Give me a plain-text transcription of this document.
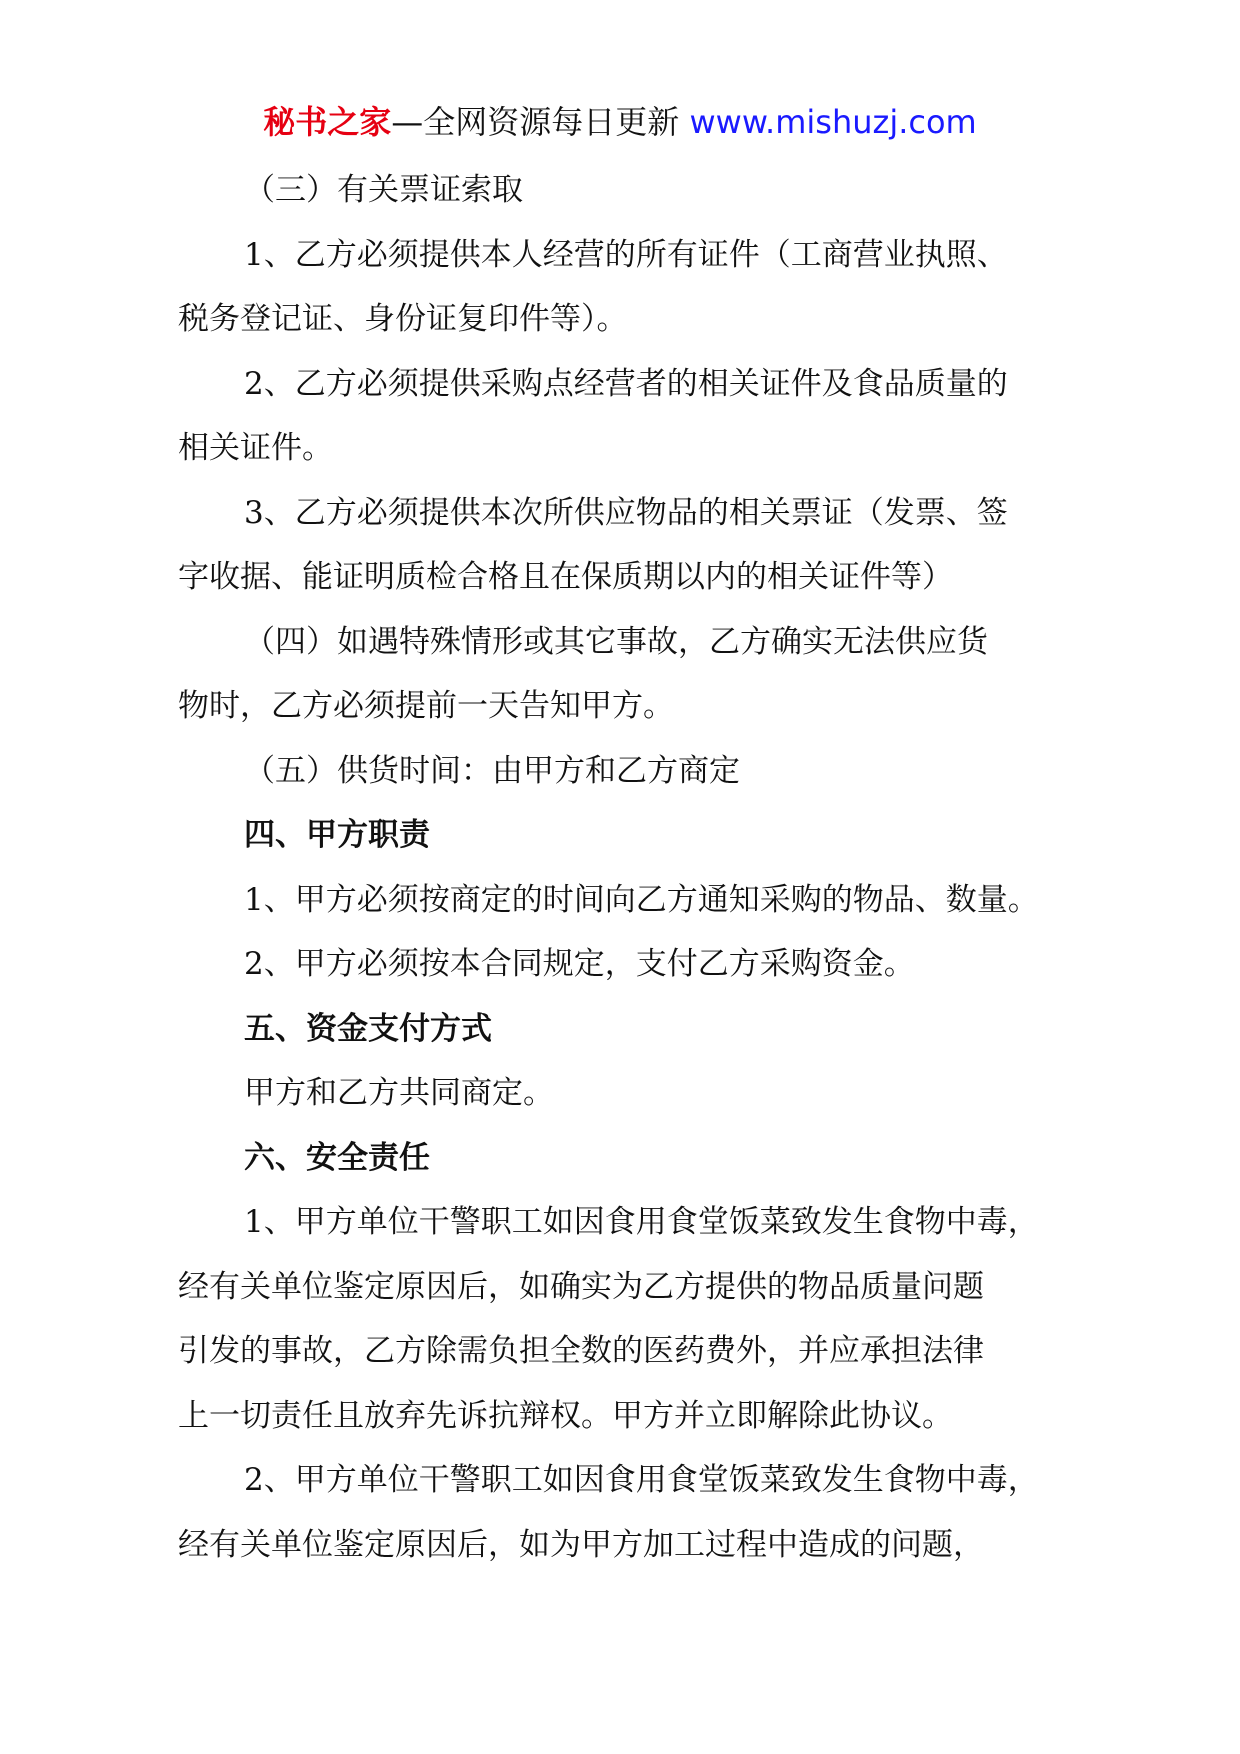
秘书之家—全网资源每日更新 www.mishuzj.com
（三）有关票证索取
1、乙方必须提供本人经营的所有证件（工商营业执照、
税务登记证、身份证复印件等）。
2、乙方必须提供采购点经营者的相关证件及食品质量的
相关证件。
3、乙方必须提供本次所供应物品的相关票证（发票、签
字收据、能证明质检合格且在保质期以内的相关证件等）
（四）如遇特殊情形或其它事故，乙方确实无法供应货
物时，乙方必须提前一天告知甲方。
（五）供货时间：由甲方和乙方商定
四、甲方职责
1、甲方必须按商定的时间向乙方通知采购的物品、数量。
2、甲方必须按本合同规定，支付乙方采购资金。
五、资金支付方式
甲方和乙方共同商定。
六、安全责任
1、甲方单位干警职工如因食用食堂饭菜致发生食物中毒，
经有关单位鉴定原因后，如确实为乙方提供的物品质量问题
引发的事故，乙方除需负担全数的医药费外，并应承担法律
上一切责任且放弃先诉抗辩权。甲方并立即解除此协议。
2、甲方单位干警职工如因食用食堂饭菜致发生食物中毒，
经有关单位鉴定原因后，如为甲方加工过程中造成的问题，
